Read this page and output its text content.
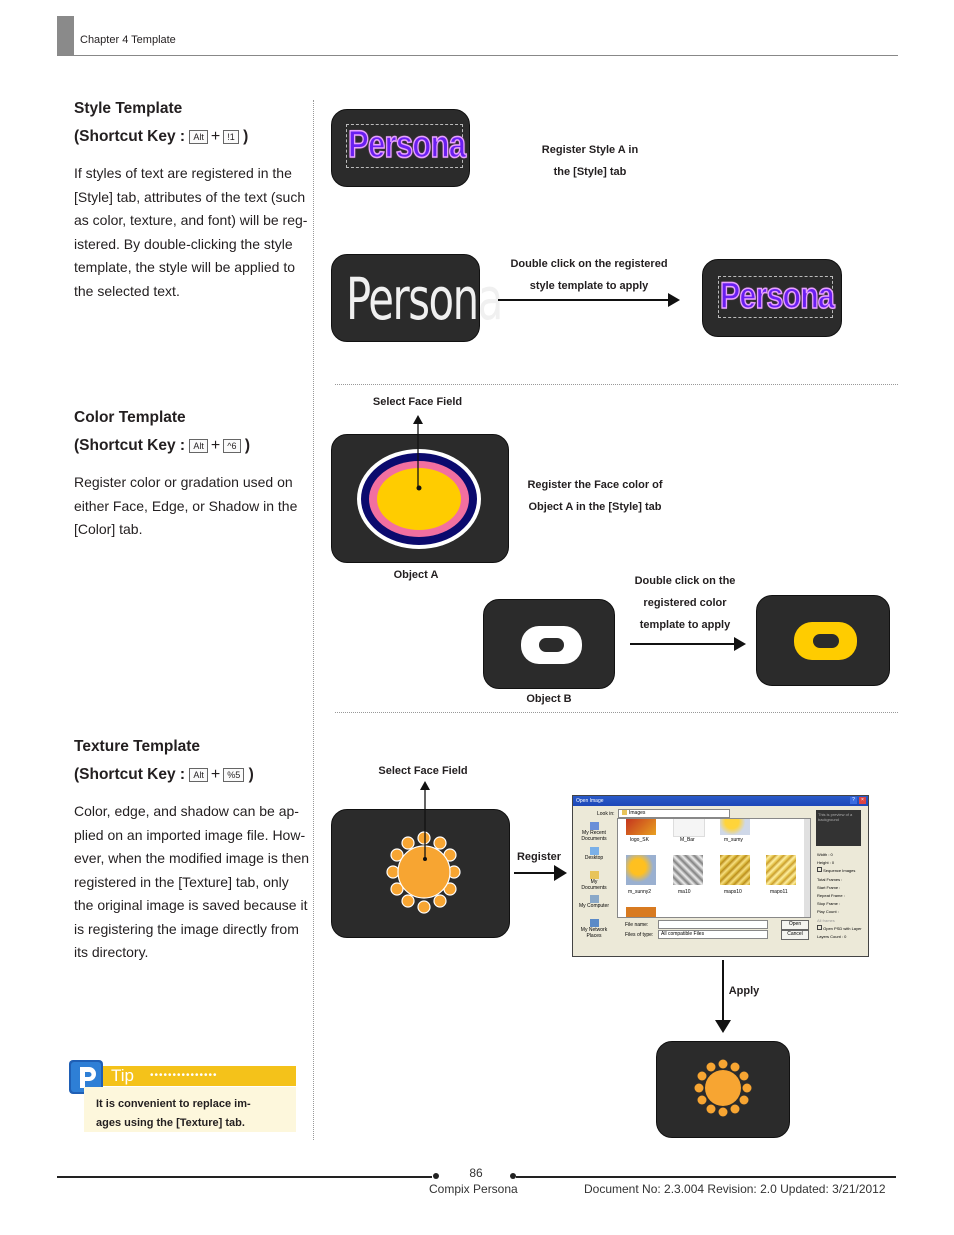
Chapter 4 Template
Style Template
(Shortcut Key : Alt + !1 )
If styles of text are registered in the
[Style] tab, attributes of the text (such
as color, texture, and font) will be reg-
istered. By double-clicking the style
template, the style will be applied to
the selected text.
Persona	Register Style A in
the [Style] tab
Persona
Double click on the registered
style template to apply	Persona
Color Template
(Shortcut Key : Alt + ^6 )
Register color or gradation used on
either Face, Edge, or Shadow in the
[Color] tab.
Select Face Field
Register the Face color of
Object A in the [Style] tab
Object A
Object B
Double click on the
registered color
template to apply
Texture Template
(Shortcut Key : Alt + %5 )
Color, edge, and shadow can be ap-
plied on an imported image file. How-
ever, when the modified image is then
registered in the [Texture] tab, only
the original image is saved because it
is registering the image directly from
its directory.
Select Face Field
Register
Open Image	×
?
Look in:	Images
My Recent Documents
Desktop
My Documents
My Computer
My Network Places
logo_SK	M_Bar	m_sumy
m_sunny2	ma10	maps10	mapo11
File name:
Files of type: All compatible Files
Open
Cancel
This is preview of a background
Width : 0
Height : 0
Sequence Images
Total Frames :
Start Frame :
Repeat Frame :
Stop Frame :
Play Count :
All frames
Open PSD with Layer
Layers Count : 0
Apply
Tip •••••••••••••••
It is convenient to replace im-
ages using the [Texture] tab.
86
Compix Persona	Document No: 2.3.004 Revision: 2.0 Updated: 3/21/2012
